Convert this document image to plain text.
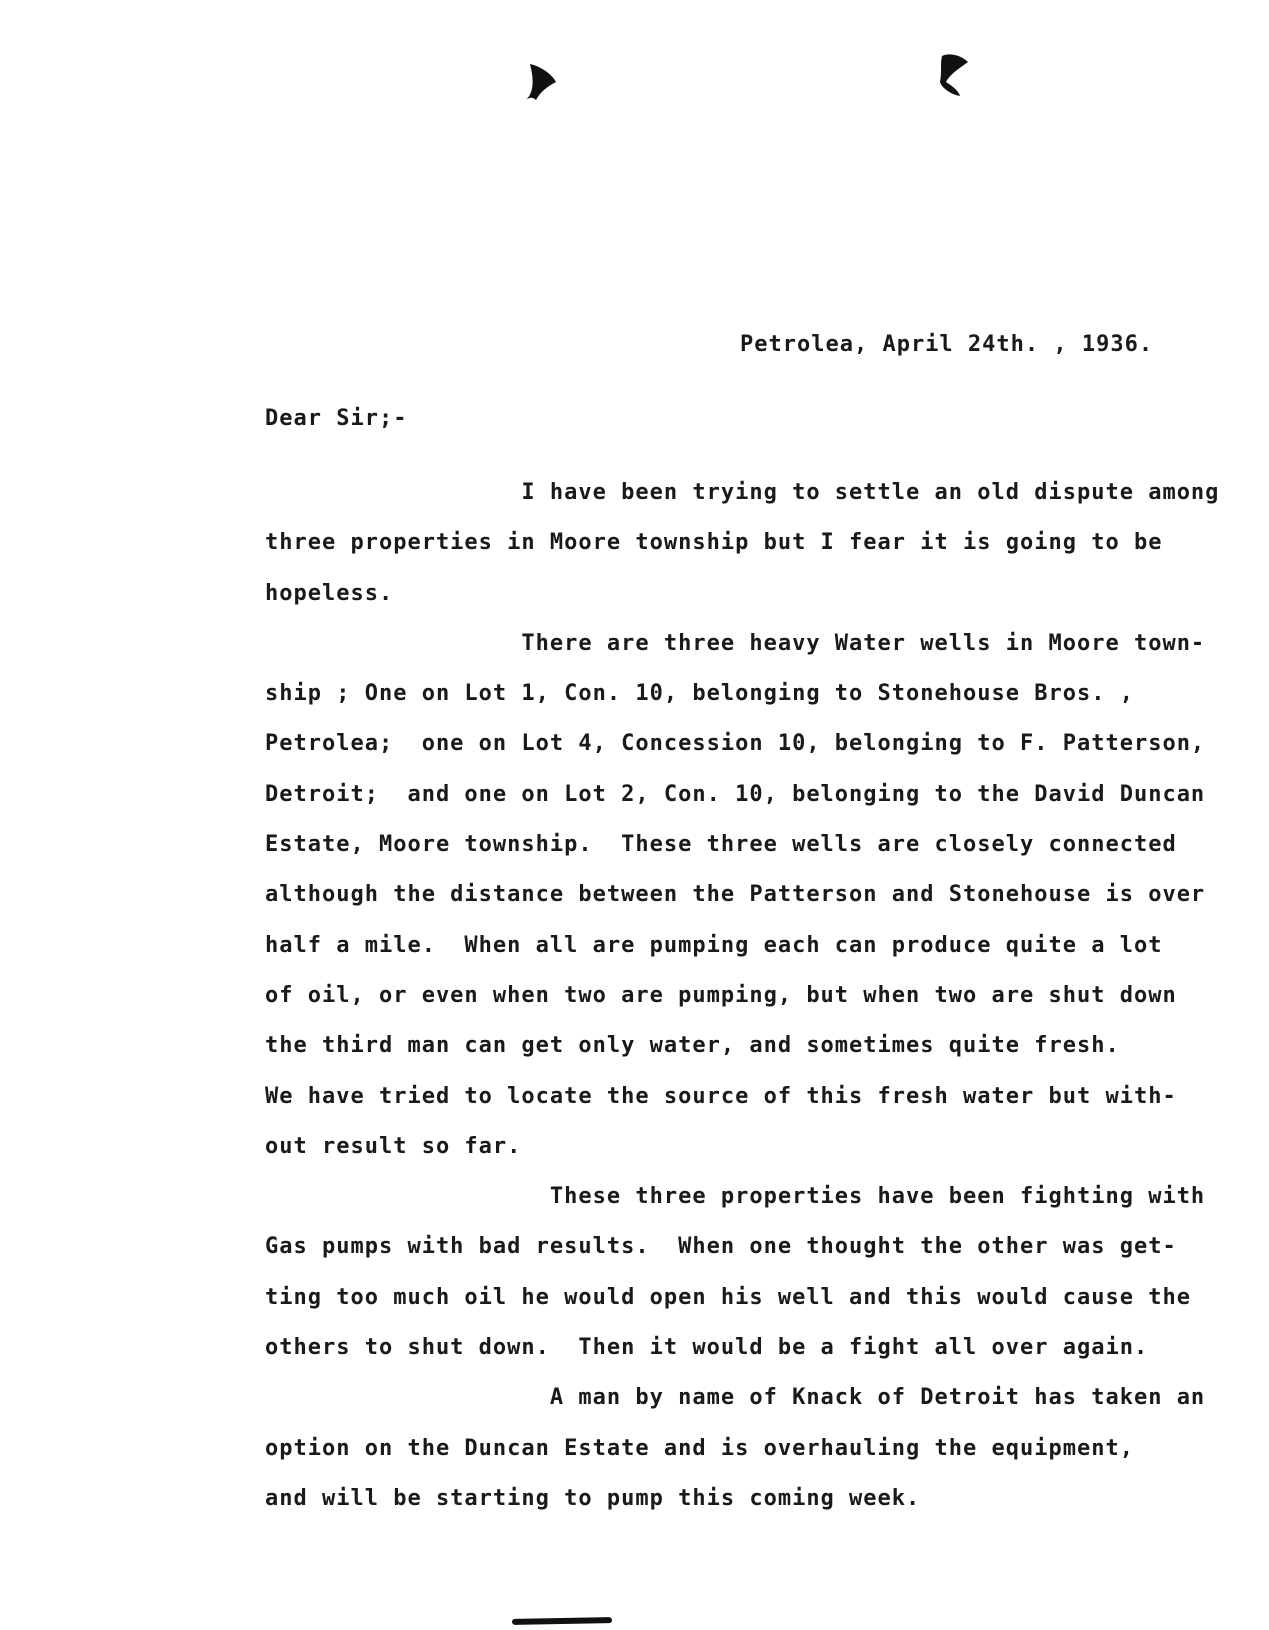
Petrolea, April 24th. , 1936.
Dear Sir;-
I have been trying to settle an old dispute among
three properties in Moore township but I fear it is going to be
hopeless.
There are three heavy Water wells in Moore town-
ship ; One on Lot 1, Con. 10, belonging to Stonehouse Bros. ,
Petrolea;  one on Lot 4, Concession 10, belonging to F. Patterson,
Detroit;  and one on Lot 2, Con. 10, belonging to the David Duncan
Estate, Moore township.  These three wells are closely connected
although the distance between the Patterson and Stonehouse is over
half a mile.  When all are pumping each can produce quite a lot
of oil, or even when two are pumping, but when two are shut down
the third man can get only water, and sometimes quite fresh.
We have tried to locate the source of this fresh water but with-
out result so far.
These three properties have been fighting with
Gas pumps with bad results.  When one thought the other was get-
ting too much oil he would open his well and this would cause the
others to shut down.  Then it would be a fight all over again.
A man by name of Knack of Detroit has taken an
option on the Duncan Estate and is overhauling the equipment,
and will be starting to pump this coming week.
